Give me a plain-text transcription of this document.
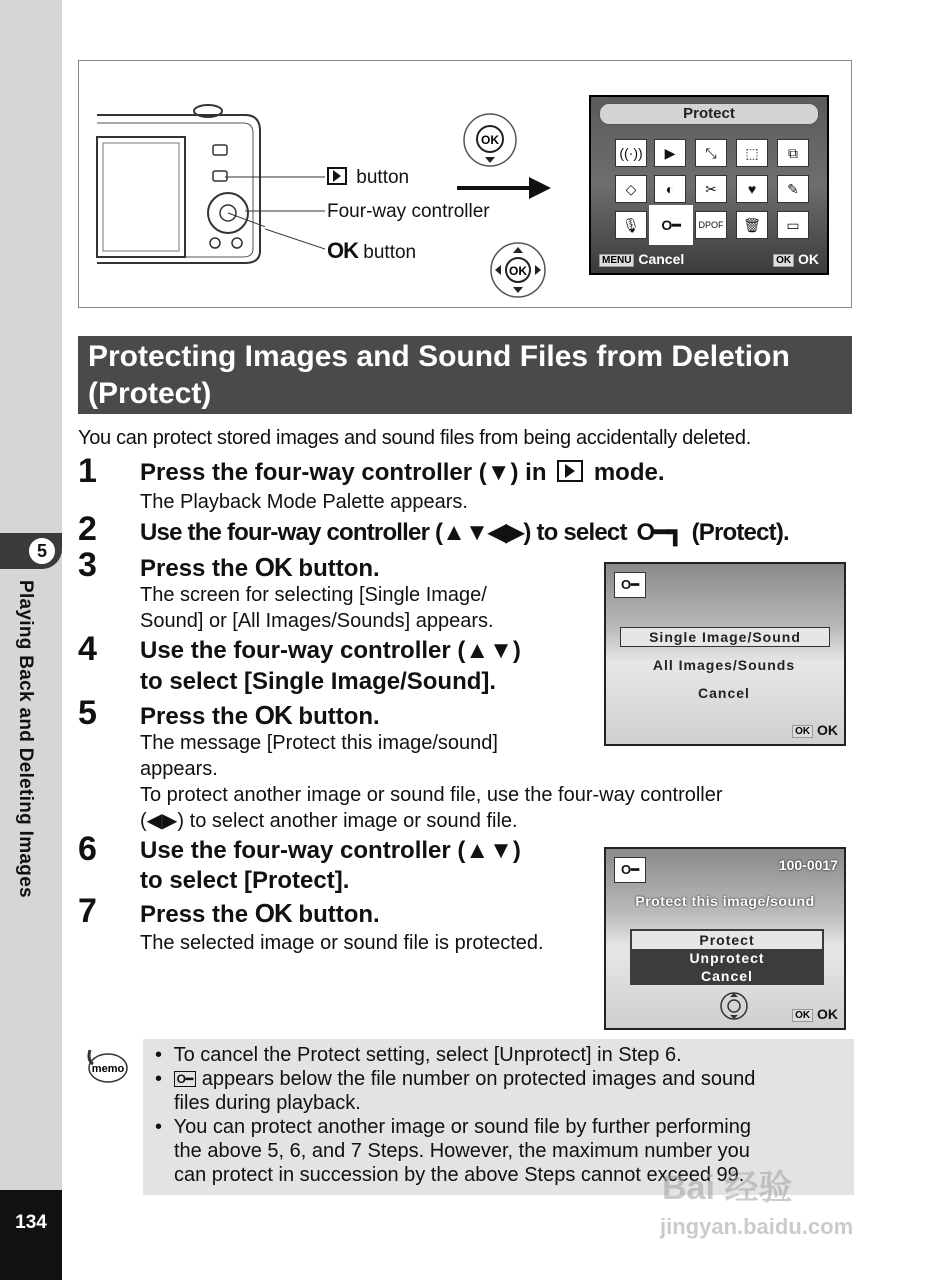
5
Playing Back and Deleting Images
134
button
Four-way controller
OK button
OK
OK
Protect
((·))	▶	⤡	⬚	⧉
◇	◐	✂	♥	✎
🎙	O━	DPOF	🗑	▭
MENU Cancel	OK OK
Protecting Images and Sound Files from Deletion (Protect)
You can protect stored images and sound files from being accidentally deleted.
1 Press the four-way controller (▼) in mode.
The Playback Mode Palette appears.
2 Use the four-way controller (▲▼◀▶) to select O━┓ (Protect).
3 Press the OK button.
The screen for selecting [Single Image/
Sound] or [All Images/Sounds] appears.
4 Use the four-way controller (▲▼)
to select [Single Image/Sound].
5 Press the OK button.
The message [Protect this image/sound]
appears.
To protect another image or sound file, use the four-way controller
(◀▶) to select another image or sound file.
6 Use the four-way controller (▲▼)
to select [Protect].
7 Press the OK button.
The selected image or sound file is protected.
O━
Single Image/Sound
All Images/Sounds
Cancel
OK OK
O━	100-0017
Protect this image/sound
Protect
Unprotect
Cancel
OK OK
memo
• To cancel the Protect setting, select [Unprotect] in Step 6.
• O━ appears below the file number on protected images and sound
files during playback.
• You can protect another image or sound file by further performing
the above 5, 6, and 7 Steps. However, the maximum number you
can protect in succession by the above Steps cannot exceed 99.
Bai 经验
jingyan.baidu.com
